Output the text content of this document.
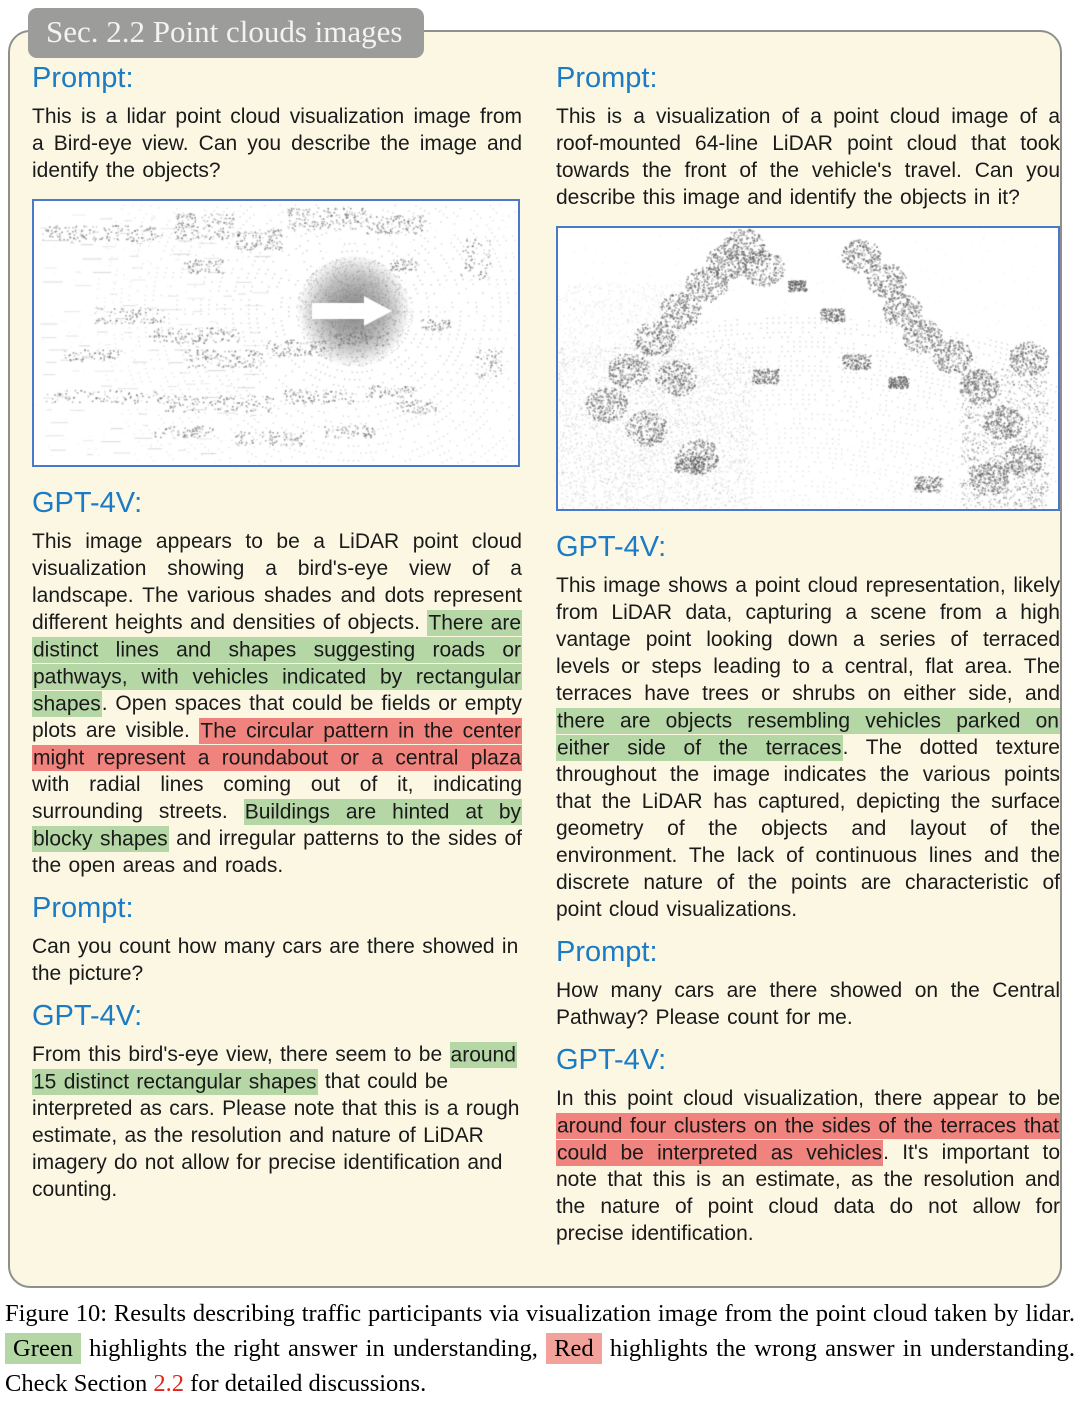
Sec. 2.2 Point clouds images
Prompt:

This is a lidar point cloud visualization image from a Bird-eye view. Can you describe the image and identify the objects?

GPT-4V:

This image appears to be a LiDAR point cloud visualization showing a bird's-eye view of a landscape. The various shades and dots represent different heights and densities of objects. There are distinct lines and shapes suggesting roads or pathways, with vehicles indicated by rectangular shapes. Open spaces that could be fields or empty plots are visible. The circular pattern in the center might represent a roundabout or a central plaza with radial lines coming out of it, indicating surrounding streets. Buildings are hinted at by blocky shapes and irregular patterns to the sides of the open areas and roads.

Prompt:

Can you count how many cars are there showed in the picture?

GPT-4V:

From this bird's-eye view, there seem to be around 15 distinct rectangular shapes that could be interpreted as cars. Please note that this is a rough estimate, as the resolution and nature of LiDAR imagery do not allow for precise identification and counting.

Prompt:

This is a visualization of a point cloud image of a roof-mounted 64-line LiDAR point cloud that took towards the front of the vehicle's travel. Can you describe this image and identify the objects in it?

GPT-4V:

This image shows a point cloud representation, likely from LiDAR data, capturing a scene from a high vantage point looking down a series of terraced levels or steps leading to a central, flat area. The terraces have trees or shrubs on either side, and there are objects resembling vehicles parked on either side of the terraces. The dotted texture throughout the image indicates the various points that the LiDAR has captured, depicting the surface geometry of the objects and layout of the environment. The lack of continuous lines and the discrete nature of the points are characteristic of point cloud visualizations.

Prompt:

How many cars are there showed on the Central Pathway? Please count for me.

GPT-4V:

In this point cloud visualization, there appear to be around four clusters on the sides of the terraces that could be interpreted as vehicles. It's important to note that this is an estimate, as the resolution and the nature of point cloud data do not allow for precise identification.

Figure 10: Results describing traffic participants via visualization image from the point cloud taken by lidar. Green highlights the right answer in understanding, Red highlights the wrong answer in understanding. Check Section 2.2 for detailed discussions.
